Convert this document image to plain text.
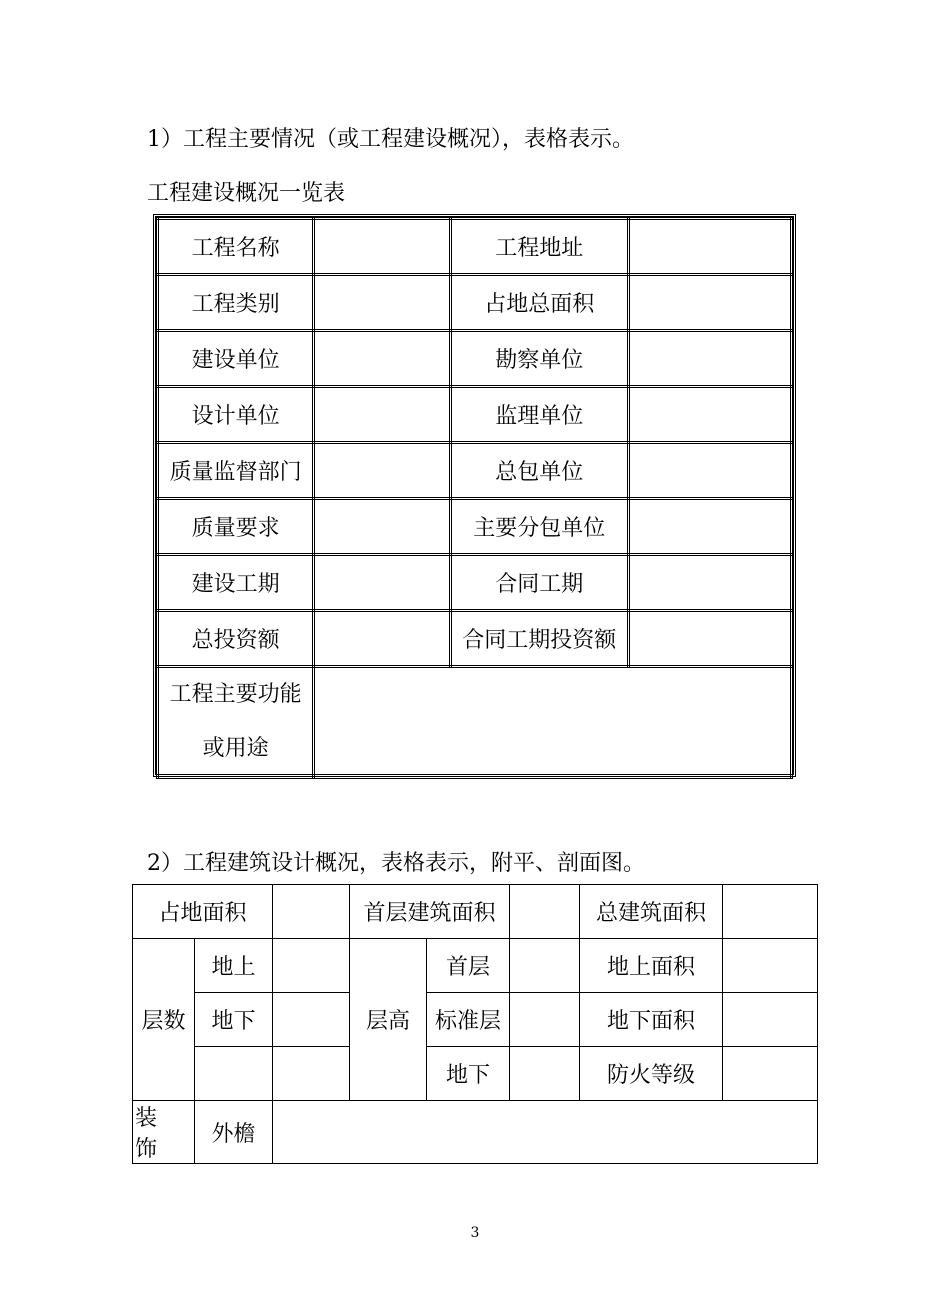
1）工程主要情况（或工程建设概况），表格表示。
工程建设概况一览表
工程名称		工程地址	
工程类别		占地总面积	
建设单位		勘察单位	
设计单位		监理单位	
质量监督部门		总包单位	
质量要求		主要分包单位	
建设工期		合同工期	
总投资额		合同工期投资额	

工程主要功能
或用途			

2）工程建筑设计概况，表格表示，附平、剖面图。
占地面积			首层建筑面积			总建筑面积	
层数	地上		层高	首层		地上面积	
	地下			标准层		地下面积	
				地下		防火等级	
装饰	外檐						
3
